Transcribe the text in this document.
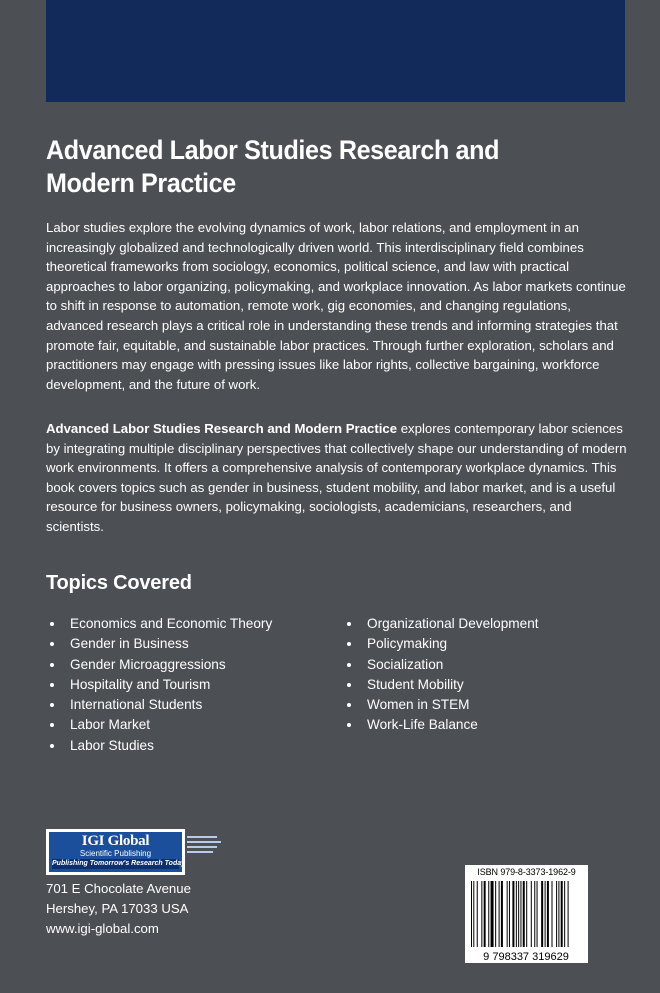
Advanced Labor Studies Research and Modern Practice

Labor studies explore the evolving dynamics of work, labor relations, and employment in an increasingly globalized and technologically driven world. This interdisciplinary field combines theoretical frameworks from sociology, economics, political science, and law with practical approaches to labor organizing, policymaking, and workplace innovation. As labor markets continue to shift in response to automation, remote work, gig economies, and changing regulations, advanced research plays a critical role in understanding these trends and informing strategies that promote fair, equitable, and sustainable labor practices. Through further exploration, scholars and practitioners may engage with pressing issues like labor rights, collective bargaining, workforce development, and the future of work.

Advanced Labor Studies Research and Modern Practice explores contemporary labor sciences by integrating multiple disciplinary perspectives that collectively shape our understanding of modern work environments. It offers a comprehensive analysis of contemporary workplace dynamics. This book covers topics such as gender in business, student mobility, and labor market, and is a useful resource for business owners, policymaking, sociologists, academicians, researchers, and scientists.

Topics Covered
Economics and Economic Theory
Gender in Business
Gender Microaggressions
Hospitality and Tourism
International Students
Labor Market
Labor Studies
Organizational Development
Policymaking
Socialization
Student Mobility
Women in STEM
Work-Life Balance
IGI Global
Scientific Publishing
Publishing Tomorrow's Research Today
701 E Chocolate Avenue
Hershey, PA 17033 USA
www.igi-global.com
ISBN 979-8-3373-1962-9
9 798337 319629
